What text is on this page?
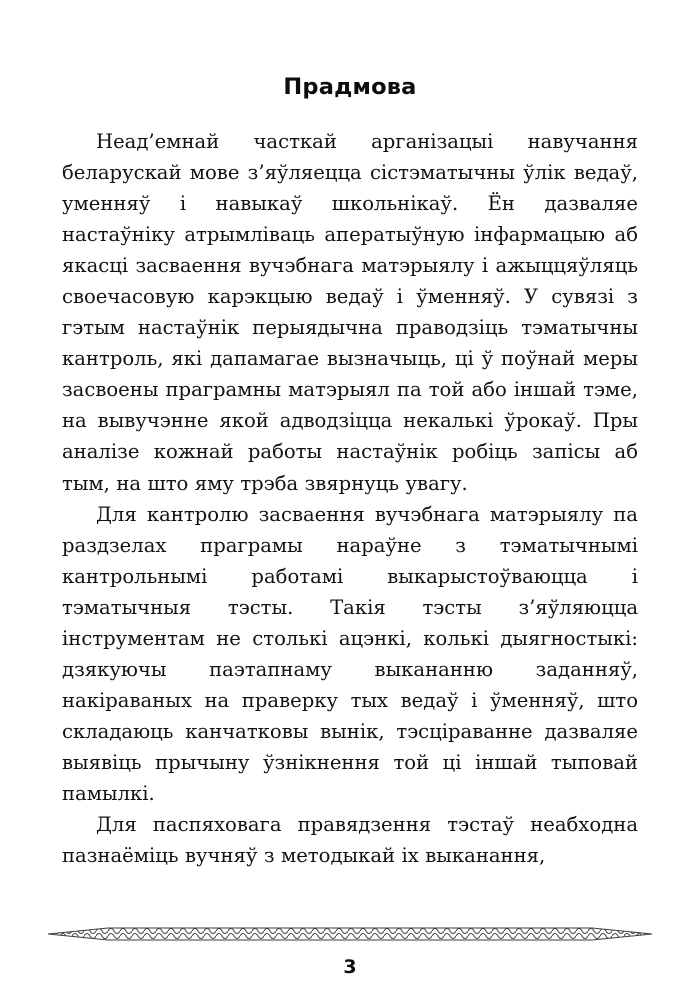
Прадмова

Неад’емнай часткай арганізацыі навучання беларускай мове з’яўляецца сістэматычны ўлік ведаў, уменняў і навыкаў школьнікаў. Ён дазваляе настаўніку атрымліваць аператыўную інфармацыю аб якасці засваення вучэбнага матэрыялу і ажыццяўляць своечасовую карэкцыю ведаў і ўменняў. У сувязі з гэтым настаўнік перыядычна праводзіць тэматычны кантроль, які дапамагае вызначыць, ці ў поўнай меры засвоены праграмны матэрыял па той або іншай тэме, на вывучэнне якой адводзіцца некалькі ўрокаў. Пры аналізе кожнай работы настаўнік робіць запісы аб тым, на што яму трэба звярнуць увагу.

Для кантролю засваення вучэбнага матэрыялу па раздзелах праграмы нараўне з тэматычнымі кантрольнымі работамі выкарыстоўваюцца і тэматычныя тэсты. Такія тэсты з’яўляюцца інструментам не столькі ацэнкі, колькі дыягностыкі: дзякуючы паэтапнаму выкананню заданняў, накіраваных на праверку тых ведаў і ўменняў, што складаюць канчатковы вынік, тэсціраванне дазваляе выявіць прычыну ўзнікнення той ці іншай тыповай памылкі.

Для паспяховага правядзення тэстаў неабходна пазнаёміць вучняў з методыкай іх выканання,

3
